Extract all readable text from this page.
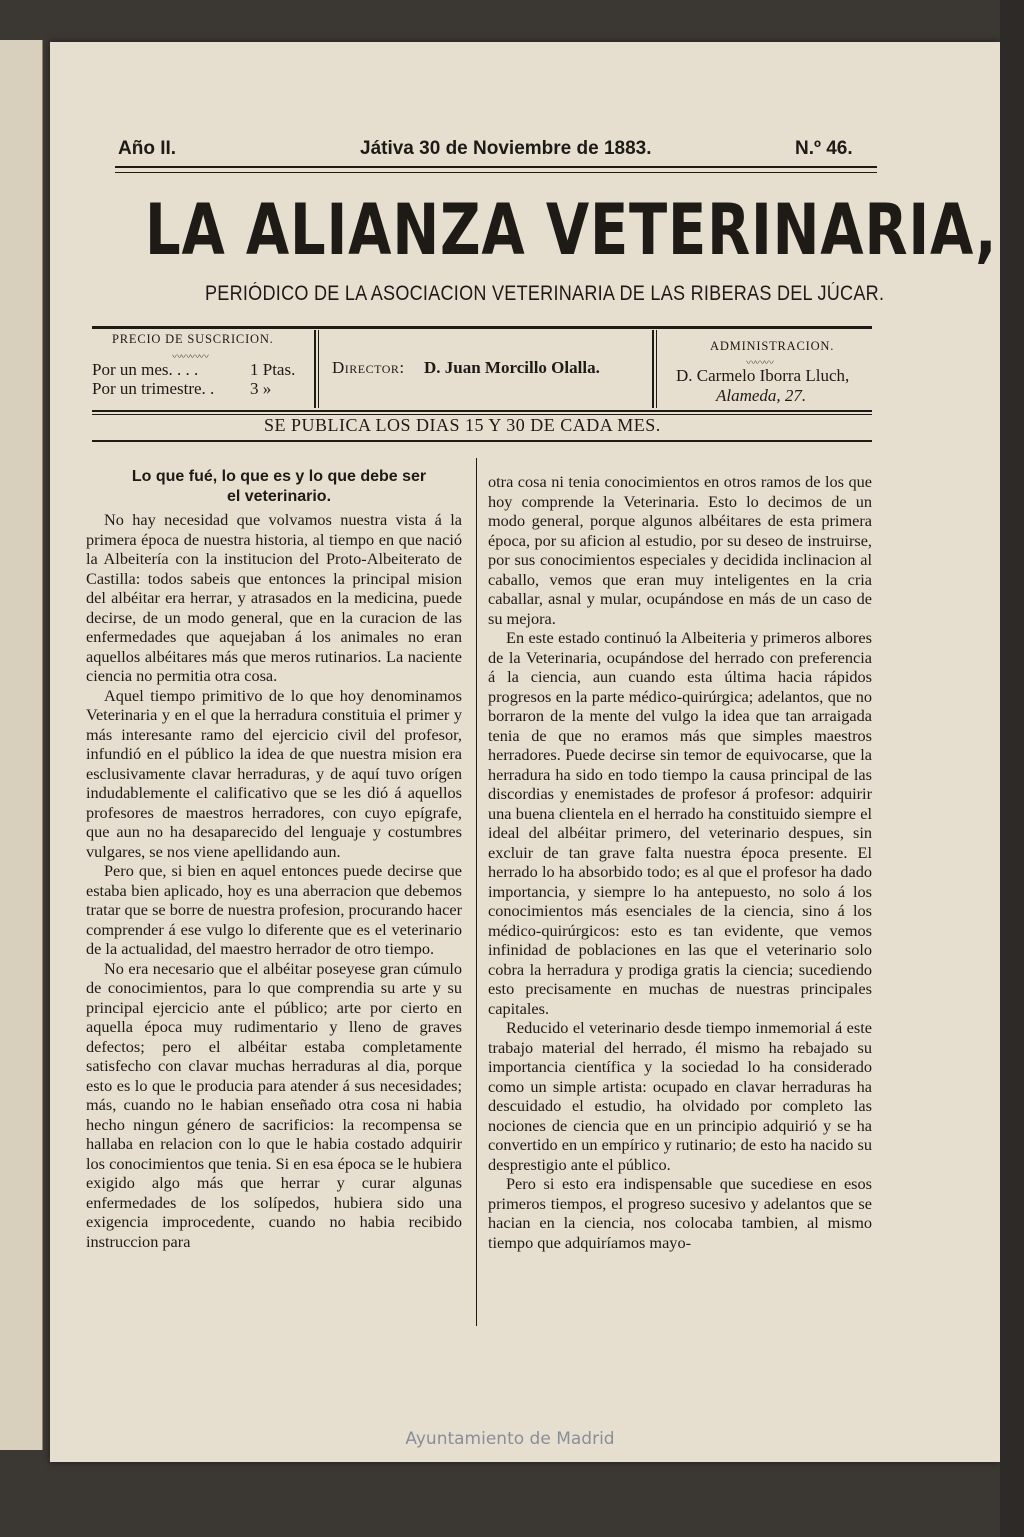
Año II.	Játiva 30 de Noviembre de 1883.	N.º 46.
LA ALIANZA VETERINARIA,
PERIÓDICO DE LA ASOCIACION VETERINARIA DE LAS RIBERAS DEL JÚCAR.
PRECIO DE SUSCRICION.
〰〰〰〰
Por un mes. . . .	1 Ptas.
Por un trimestre. . 3 »
Director: D. Juan Morcillo Olalla.
ADMINISTRACION.
〰〰〰
D. Carmelo Iborra Lluch,
Alameda, 27.
SE PUBLICA LOS DIAS 15 Y 30 DE CADA MES.
Lo que fué, lo que es y lo que debe ser
el veterinario.

No hay necesidad que volvamos nuestra vista á la primera época de nuestra historia, al tiempo en que nació la Albeitería con la institucion del Proto-Albeiterato de Castilla: todos sabeis que entonces la principal mision del albéitar era herrar, y atrasados en la medicina, puede decirse, de un modo general, que en la curacion de las enfermedades que aquejaban á los animales no eran aquellos albéitares más que meros rutinarios. La naciente ciencia no permitia otra cosa.

Aquel tiempo primitivo de lo que hoy denominamos Veterinaria y en el que la herradura constituia el primer y más interesante ramo del ejercicio civil del profesor, infundió en el público la idea de que nuestra mision era esclusivamente clavar herraduras, y de aquí tuvo orígen indudablemente el calificativo que se les dió á aquellos profesores de maestros herradores, con cuyo epígrafe, que aun no ha desaparecido del lenguaje y costumbres vulgares, se nos viene apellidando aun.

Pero que, si bien en aquel entonces puede decirse que estaba bien aplicado, hoy es una aberracion que debemos tratar que se borre de nuestra profesion, procurando hacer comprender á ese vulgo lo diferente que es el veterinario de la actualidad, del maestro herrador de otro tiempo.

No era necesario que el albéitar poseyese gran cúmulo de conocimientos, para lo que comprendia su arte y su principal ejercicio ante el público; arte por cierto en aquella época muy rudimentario y lleno de graves defectos; pero el albéitar estaba completamente satisfecho con clavar muchas herraduras al dia, porque esto es lo que le producia para atender á sus necesidades; más, cuando no le habian enseñado otra cosa ni habia hecho ningun género de sacrificios: la recompensa se hallaba en relacion con lo que le habia costado adquirir los conocimientos que tenia. Si en esa época se le hubiera exigido algo más que herrar y curar algunas enfermedades de los solípedos, hubiera sido una exigencia improcedente, cuando no habia recibido instruccion para

otra cosa ni tenia conocimientos en otros ramos de los que hoy comprende la Veterinaria. Esto lo decimos de un modo general, porque algunos albéitares de esta primera época, por su aficion al estudio, por su deseo de instruirse, por sus conocimientos especiales y decidida inclinacion al caballo, vemos que eran muy inteligentes en la cria caballar, asnal y mular, ocupándose en más de un caso de su mejora.

En este estado continuó la Albeiteria y primeros albores de la Veterinaria, ocupándose del herrado con preferencia á la ciencia, aun cuando esta última hacia rápidos progresos en la parte médico-quirúrgica; adelantos, que no borraron de la mente del vulgo la idea que tan arraigada tenia de que no eramos más que simples maestros herradores. Puede decirse sin temor de equivocarse, que la herradura ha sido en todo tiempo la causa principal de las discordias y enemistades de profesor á profesor: adquirir una buena clientela en el herrado ha constituido siempre el ideal del albéitar primero, del veterinario despues, sin excluir de tan grave falta nuestra época presente. El herrado lo ha absorbido todo; es al que el profesor ha dado importancia, y siempre lo ha antepuesto, no solo á los conocimientos más esenciales de la ciencia, sino á los médico-quirúrgicos: esto es tan evidente, que vemos infinidad de poblaciones en las que el veterinario solo cobra la herradura y prodiga gratis la ciencia; sucediendo esto precisamente en muchas de nuestras principales capitales.

Reducido el veterinario desde tiempo inmemorial á este trabajo material del herrado, él mismo ha rebajado su importancia científica y la sociedad lo ha considerado como un simple artista: ocupado en clavar herraduras ha descuidado el estudio, ha olvidado por completo las nociones de ciencia que en un principio adquirió y se ha convertido en un empírico y rutinario; de esto ha nacido su desprestigio ante el público.

Pero si esto era indispensable que sucediese en esos primeros tiempos, el progreso sucesivo y adelantos que se hacian en la ciencia, nos colocaba tambien, al mismo tiempo que adquiríamos mayo-

Ayuntamiento de Madrid
